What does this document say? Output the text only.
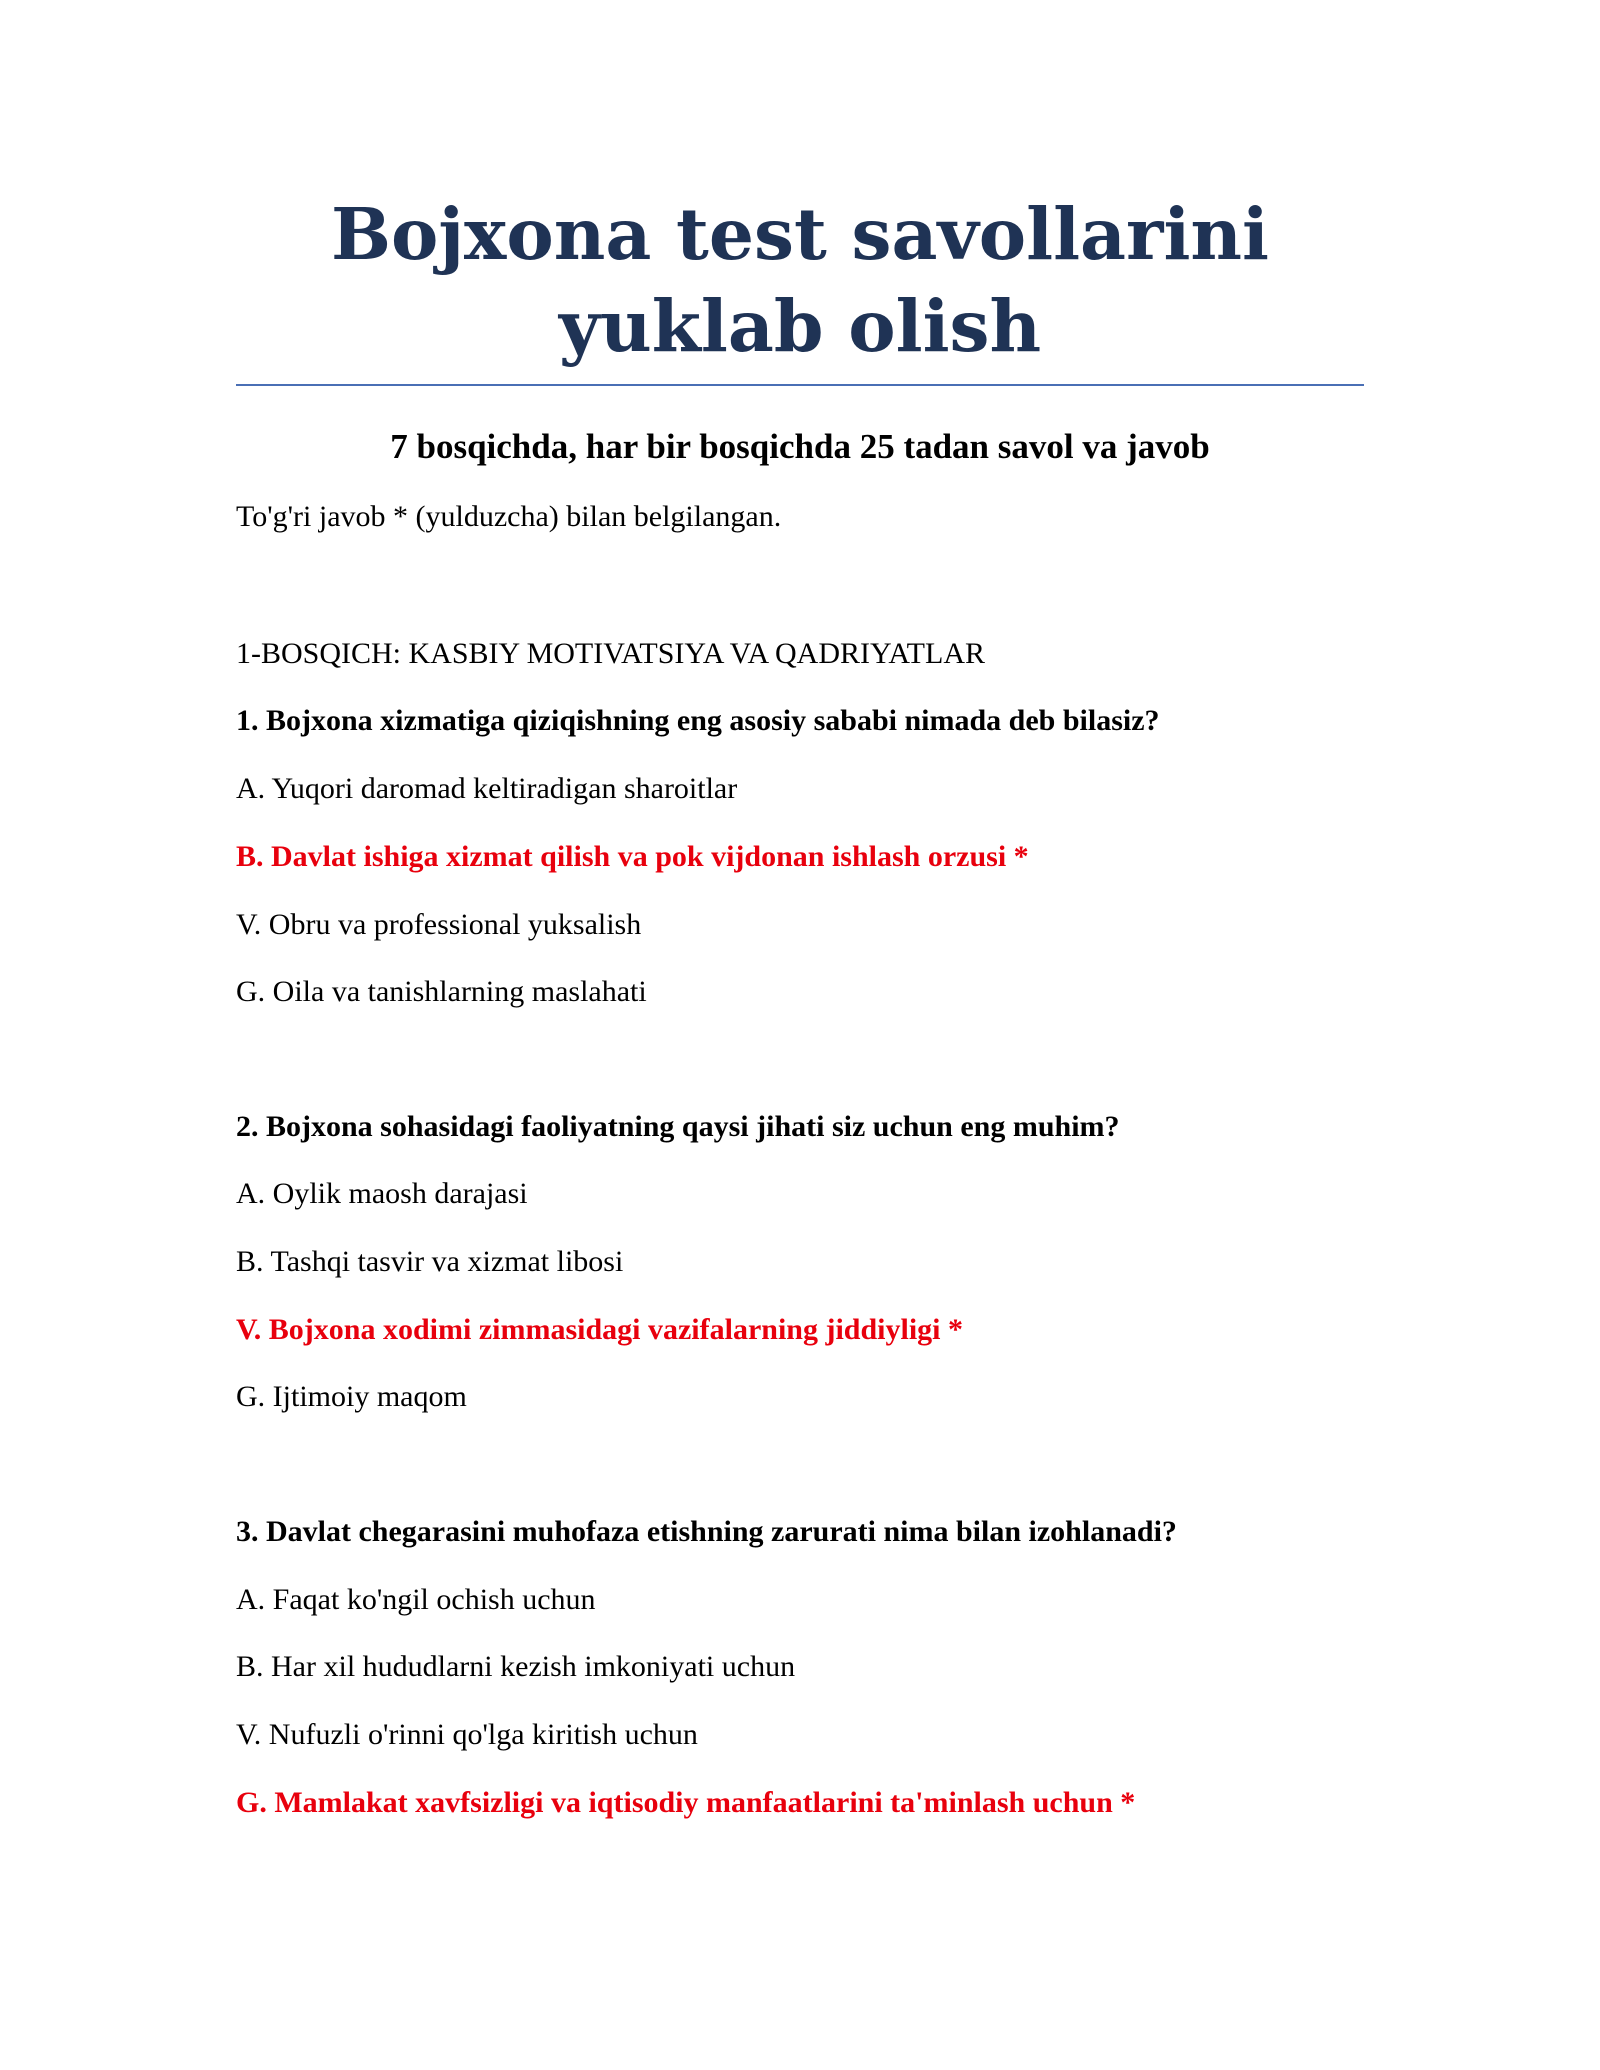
Bojxona test savollarini yuklab olish
7 bosqichda, har bir bosqichda 25 tadan savol va javob

To'g'ri javob * (yulduzcha) bilan belgilangan.

1-BOSQICH: KASBIY MOTIVATSIYA VA QADRIYATLAR

1. Bojxona xizmatiga qiziqishning eng asosiy sababi nimada deb bilasiz?

A. Yuqori daromad keltiradigan sharoitlar

B. Davlat ishiga xizmat qilish va pok vijdonan ishlash orzusi *

V. Obru va professional yuksalish

G. Oila va tanishlarning maslahati

2. Bojxona sohasidagi faoliyatning qaysi jihati siz uchun eng muhim?

A. Oylik maosh darajasi

B. Tashqi tasvir va xizmat libosi

V. Bojxona xodimi zimmasidagi vazifalarning jiddiyligi *

G. Ijtimoiy maqom

3. Davlat chegarasini muhofaza etishning zarurati nima bilan izohlanadi?

A. Faqat ko'ngil ochish uchun

B. Har xil hududlarni kezish imkoniyati uchun

V. Nufuzli o'rinni qo'lga kiritish uchun

G. Mamlakat xavfsizligi va iqtisodiy manfaatlarini ta'minlash uchun *
